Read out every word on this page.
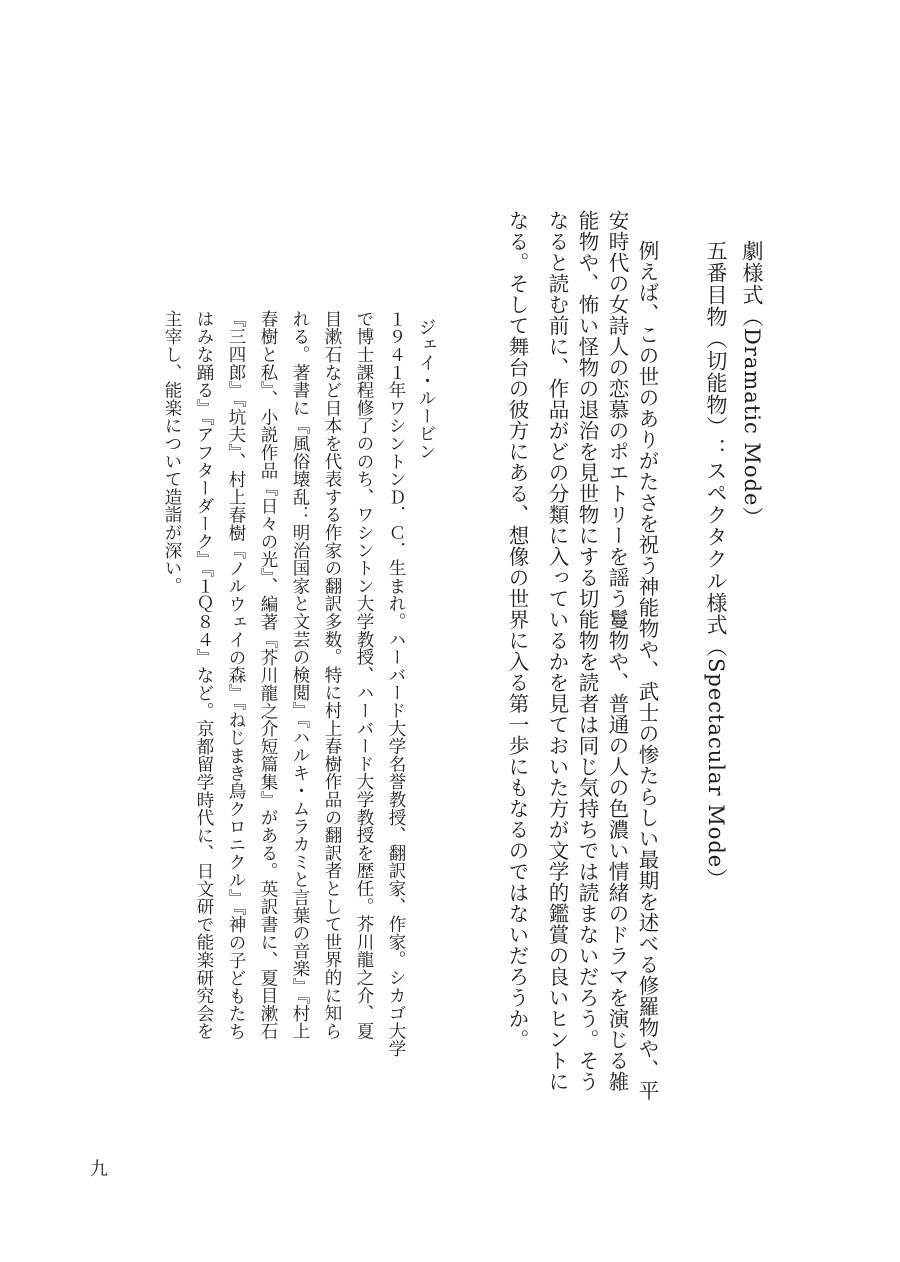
劇様式（Dramatic Mode）
五番目物（切能物）：スペクタクル様式（Spectacular Mode）
例えば、この世のありがたさを祝う神能物や、武士の惨たらしい最期を述べる修羅物や、平
安時代の女詩人の恋慕のポエトリーを謡う鬘物や、普通の人の色濃い情緒のドラマを演じる雑
能物や、怖い怪物の退治を見世物にする切能物を読者は同じ気持ちでは読まないだろう。そう
なると読む前に、作品がどの分類に入っているかを見ておいた方が文学的鑑賞の良いヒントに
なる。そして舞台の彼方にある、想像の世界に入る第一歩にもなるのではないだろうか。
ジェイ・ルービン
１９４１年ワシントンＤ．Ｃ．生まれ。ハーバード大学名誉教授、翻訳家、作家。シカゴ大学
で博士課程修了ののち、ワシントン大学教授、ハーバード大学教授を歴任。芥川龍之介、夏
目漱石など日本を代表する作家の翻訳多数。特に村上春樹作品の翻訳者として世界的に知ら
れる。著書に『風俗壊乱：明治国家と文芸の検閲』『ハルキ・ムラカミと言葉の音楽』『村上
春樹と私』、小説作品『日々の光』、編著『芥川龍之介短篇集』がある。英訳書に、夏目漱石
『三四郎』『坑夫』、村上春樹『ノルウェイの森』『ねじまき鳥クロニクル』『神の子どもたち
はみな踊る』『アフターダーク』『１Ｑ８４』など。京都留学時代に、日文研で能楽研究会を
主宰し、能楽について造詣が深い。
九
